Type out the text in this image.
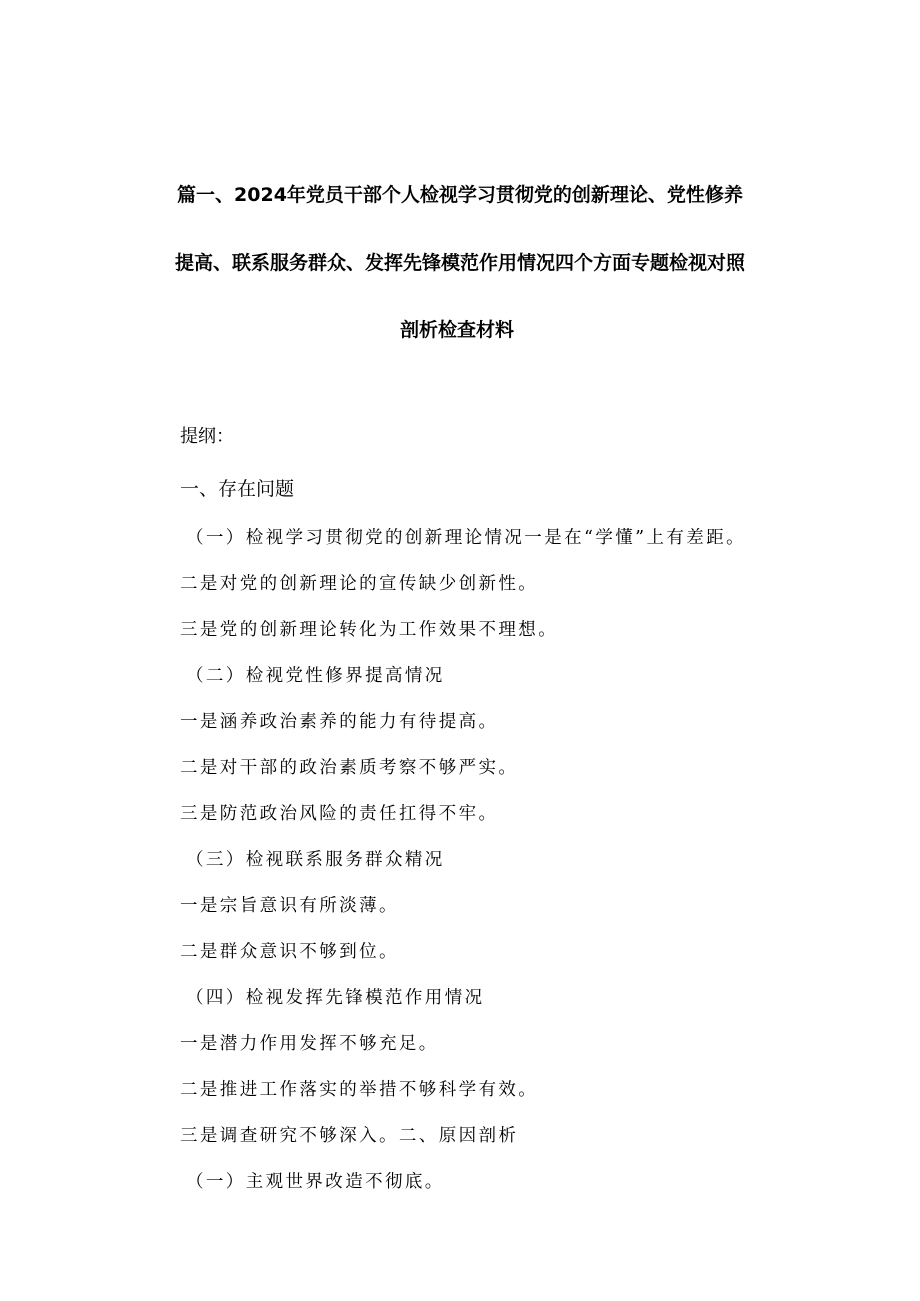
篇一、2024年党员干部个人检视学习贯彻党的创新理论、党性修养
提高、联系服务群众、发挥先锋模范作用情况四个方面专题检视对照
剖析检查材料
提纲：
一、存在问题
（一）检视学习贯彻党的创新理论情况一是在“学懂”上有差距。
二是对党的创新理论的宣传缺少创新性。
三是党的创新理论转化为工作效果不理想。
（二）检视党性修界提高情况
一是涵养政治素养的能力有待提高。
二是对干部的政治素质考察不够严实。
三是防范政治风险的责任扛得不牢。
（三）检视联系服务群众精况
一是宗旨意识有所淡薄。
二是群众意识不够到位。
（四）检视发挥先锋模范作用情况
一是潜力作用发挥不够充足。
二是推进工作落实的举措不够科学有效。
三是调查研究不够深入。二、原因剖析
（一）主观世界改造不彻底。
